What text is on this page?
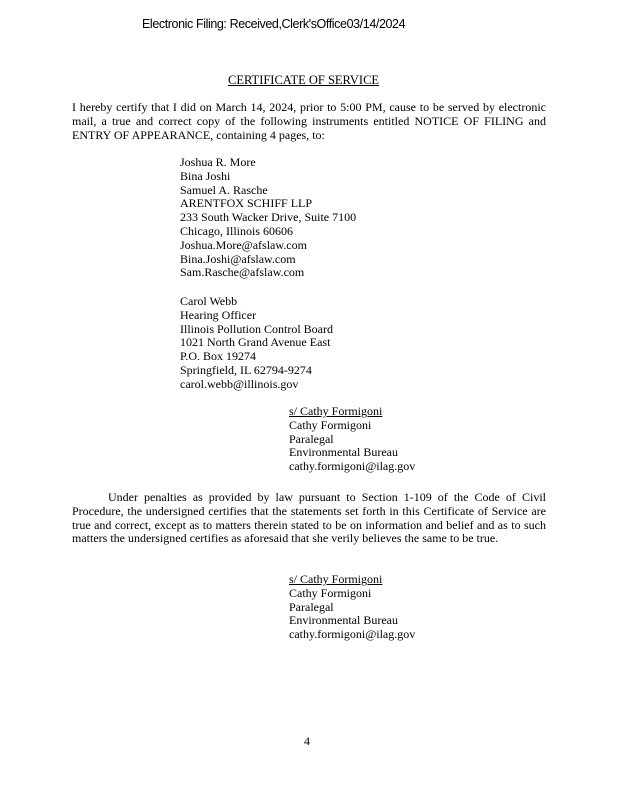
Electronic Filing: Received,Clerk'sOffice03/14/2024
CERTIFICATE OF SERVICE
I hereby certify that I did on March 14, 2024, prior to 5:00 PM, cause to be served by electronic mail, a true and correct copy of the following instruments entitled NOTICE OF FILING and ENTRY OF APPEARANCE, containing 4 pages, to:
Joshua R. More
Bina Joshi
Samuel A. Rasche
ARENTFOX SCHIFF LLP
233 South Wacker Drive, Suite 7100
Chicago, Illinois 60606
Joshua.More@afslaw.com
Bina.Joshi@afslaw.com
Sam.Rasche@afslaw.com
Carol Webb
Hearing Officer
Illinois Pollution Control Board
1021 North Grand Avenue East
P.O. Box 19274
Springfield, IL 62794-9274
carol.webb@illinois.gov
s/ Cathy Formigoni
Cathy Formigoni
Paralegal
Environmental Bureau
cathy.formigoni@ilag.gov
Under penalties as provided by law pursuant to Section 1-109 of the Code of Civil Procedure, the undersigned certifies that the statements set forth in this Certificate of Service are true and correct, except as to matters therein stated to be on information and belief and as to such matters the undersigned certifies as aforesaid that she verily believes the same to be true.
s/ Cathy Formigoni
Cathy Formigoni
Paralegal
Environmental Bureau
cathy.formigoni@ilag.gov
4
